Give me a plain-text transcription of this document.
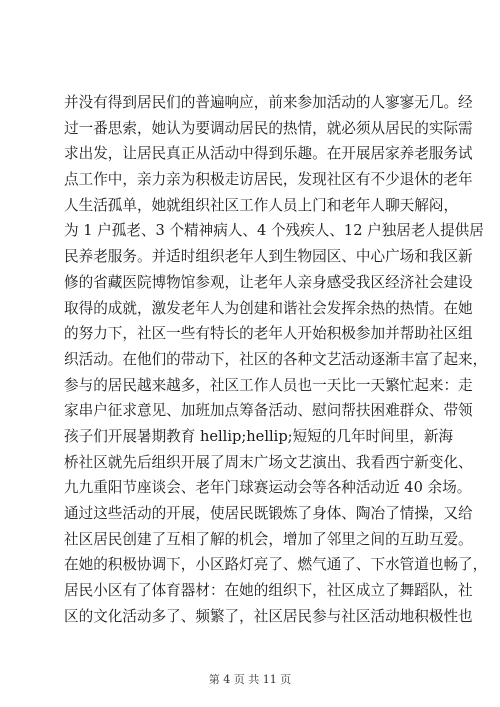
并没有得到居民们的普遍响应，前来参加活动的人寥寥无几。经
过一番思索，她认为要调动居民的热情，就必须从居民的实际需
求出发，让居民真正从活动中得到乐趣。在开展居家养老服务试
点工作中，亲力亲为积极走访居民，发现社区有不少退休的老年
人生活孤单，她就组织社区工作人员上门和老年人聊天解闷，
为 1 户孤老、3 个精神病人、4 个残疾人、12 户独居老人提供居
民养老服务。并适时组织老年人到生物园区、中心广场和我区新
修的省藏医院博物馆参观，让老年人亲身感受我区经济社会建设
取得的成就，激发老年人为创建和谐社会发挥余热的热情。在她
的努力下，社区一些有特长的老年人开始积极参加并帮助社区组
织活动。在他们的带动下，社区的各种文艺活动逐渐丰富了起来，
参与的居民越来越多，社区工作人员也一天比一天繁忙起来：走
家串户征求意见、加班加点筹备活动、慰问帮扶困难群众、带领
孩子们开展暑期教育 hellip;hellip;短短的几年时间里，新海
桥社区就先后组织开展了周末广场文艺演出、我看西宁新变化、
九九重阳节座谈会、老年门球赛运动会等各种活动近 40 余场。
通过这些活动的开展，使居民既锻炼了身体、陶冶了情操，又给
社区居民创建了互相了解的机会，增加了邻里之间的互助互爱。
在她的积极协调下，小区路灯亮了、燃气通了、下水管道也畅了，
居民小区有了体育器材：在她的组织下，社区成立了舞蹈队，社
区的文化活动多了、频繁了，社区居民参与社区活动地积极性也
第 4 页 共 11 页
